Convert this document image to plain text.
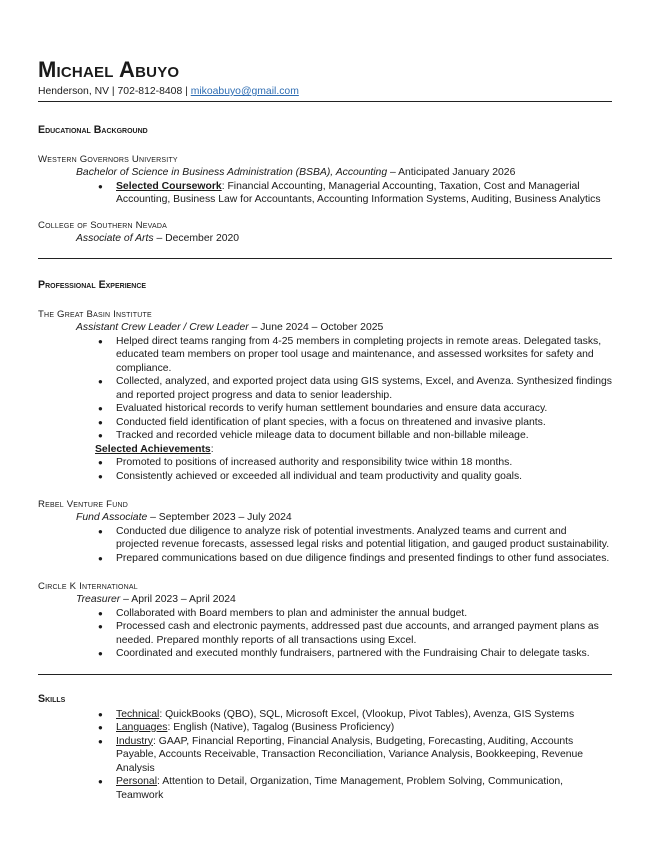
Michael Abuyo
Henderson, NV | 702-812-8408 | mikoabuyo@gmail.com
Educational Background
Western Governors University
Bachelor of Science in Business Administration (BSBA), Accounting – Anticipated January 2026
● Selected Coursework: Financial Accounting, Managerial Accounting, Taxation, Cost and Managerial Accounting, Business Law for Accountants, Accounting Information Systems, Auditing, Business Analytics
College of Southern Nevada
Associate of Arts – December 2020
Professional Experience
The Great Basin Institute
Assistant Crew Leader / Crew Leader – June 2024 – October 2025
● Helped direct teams ranging from 4-25 members in completing projects in remote areas. Delegated tasks, educated team members on proper tool usage and maintenance, and assessed worksites for safety and compliance.
● Collected, analyzed, and exported project data using GIS systems, Excel, and Avenza. Synthesized findings and reported project progress and data to senior leadership.
● Evaluated historical records to verify human settlement boundaries and ensure data accuracy.
● Conducted field identification of plant species, with a focus on threatened and invasive plants.
● Tracked and recorded vehicle mileage data to document billable and non-billable mileage.
Selected Achievements:
● Promoted to positions of increased authority and responsibility twice within 18 months.
● Consistently achieved or exceeded all individual and team productivity and quality goals.
Rebel Venture Fund
Fund Associate – September 2023 – July 2024
● Conducted due diligence to analyze risk of potential investments. Analyzed teams and current and projected revenue forecasts, assessed legal risks and potential litigation, and gauged product sustainability.
● Prepared communications based on due diligence findings and presented findings to other fund associates.
Circle K International
Treasurer – April 2023 – April 2024
● Collaborated with Board members to plan and administer the annual budget.
● Processed cash and electronic payments, addressed past due accounts, and arranged payment plans as needed. Prepared monthly reports of all transactions using Excel.
● Coordinated and executed monthly fundraisers, partnered with the Fundraising Chair to delegate tasks.
Skills
● Technical: QuickBooks (QBO), SQL, Microsoft Excel, (Vlookup, Pivot Tables), Avenza, GIS Systems
● Languages: English (Native), Tagalog (Business Proficiency)
● Industry: GAAP, Financial Reporting, Financial Analysis, Budgeting, Forecasting, Auditing, Accounts Payable, Accounts Receivable, Transaction Reconciliation, Variance Analysis, Bookkeeping, Revenue Analysis
● Personal: Attention to Detail, Organization, Time Management, Problem Solving, Communication, Teamwork
